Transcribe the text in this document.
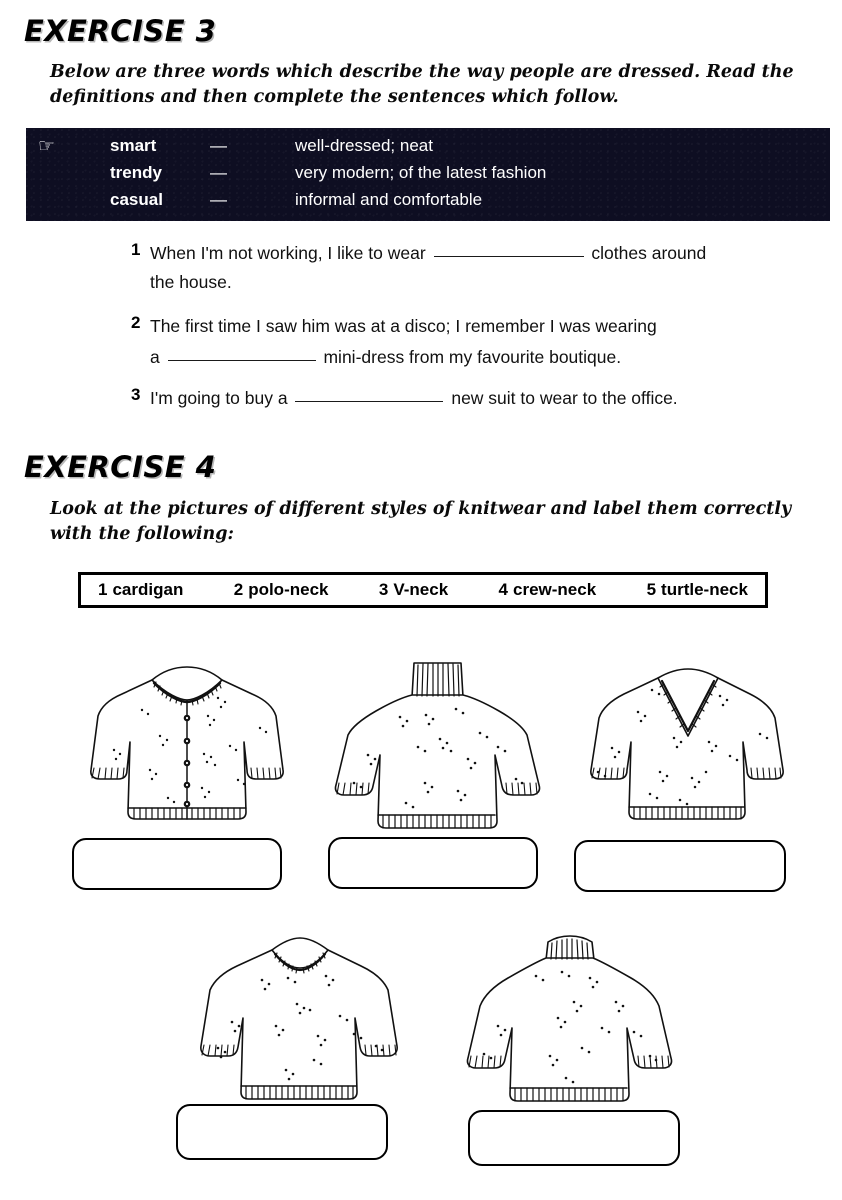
EXERCISE 3
Below are three words which describe the way people are dressed. Read the definitions and then complete the sentences which follow.
☞	smart	—	well-dressed; neat
trendy	—	very modern; of the latest fashion
casual	—	informal and comfortable
1 When I'm not working, I like to wear	clothes around
the house.
2 The first time I saw him was at a disco; I remember I was wearing
a	mini-dress from my favourite boutique.
3 I'm going to buy a	new suit to wear to the office.
EXERCISE 4
Look at the pictures of different styles of knitwear and label them correctly with the following:
1 cardigan	2 polo-neck	3 V-neck	4 crew-neck	5 turtle-neck
